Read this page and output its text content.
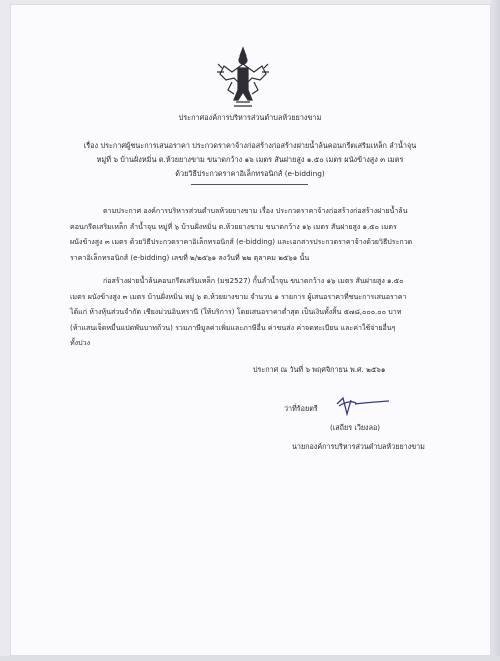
ประกาศองค์การบริหารส่วนตำบลห้วยยางขาม
เรื่อง ประกาศผู้ชนะการเสนอราคา ประกวดราคาจ้างก่อสร้างก่อสร้างฝายน้ำล้นคอนกรีตเสริมเหล็ก ลำน้ำจุน
หมู่ที่ ๖ บ้านฝั่งหมิ่น ต.ห้วยยางขาม ขนาดกว้าง ๑๖ เมตร สันฝายสูง ๑.๕๐ เมตร ผนังข้างสูง ๓ เมตร
ด้วยวิธีประกวดราคาอิเล็กทรอนิกส์ (e-bidding)
ตามประกาศ องค์การบริหารส่วนตำบลห้วยยางขาม เรื่อง ประกวดราคาจ้างก่อสร้างก่อสร้างฝายน้ำล้น
คอนกรีตเสริมเหล็ก ลำน้ำจุน หมู่ที่ ๖ บ้านฝั่งหมิ่น ต.ห้วยยางขาม ขนาดกว้าง ๑๖ เมตร สันฝายสูง ๑.๕๐ เมตร
ผนังข้างสูง ๓ เมตร ด้วยวิธีประกวดราคาอิเล็กทรอนิกส์ (e-bidding) และเอกสารประกวดราคาจ้างด้วยวิธีประกวด
ราคาอิเล็กทรอนิกส์ (e-bidding) เลขที่ ๒/๒๕๖๑ ลงวันที่ ๒๒ ตุลาคม ๒๕๖๑ นั้น
ก่อสร้างฝายน้ำล้นคอนกรีตเสริมเหล็ก (มข2527) กั้นลำน้ำจุน ขนาดกว้าง ๑๖ เมตร สันฝายสูง ๑.๕๐
เมตร ผนังข้างสูง ๓ เมตร บ้านฝั่งหมิ่น หมู่ ๖ ต.ห้วยยางขาม จำนวน ๑ รายการ ผู้เสนอราคาที่ชนะการเสนอราคา
ได้แก่ ห้างหุ้นส่วนจำกัด เชียงม่วนอินทรานี (ให้บริการ) โดยเสนอราคาต่ำสุด เป็นเงินทั้งสิ้น ๕๗๘,๐๐๐.๐๐ บาท
(ห้าแสนเจ็ดหมื่นแปดพันบาทถ้วน) รวมภาษีมูลค่าเพิ่มและภาษีอื่น ค่าขนส่ง ค่าจดทะเบียน และค่าใช้จ่ายอื่นๆ
ทั้งปวง
ประกาศ ณ วันที่ ๖ พฤศจิกายน พ.ศ. ๒๕๖๑
ว่าที่ร้อยตรี
(เสถียร เวียงลอ)
นายกองค์การบริหารส่วนตำบลห้วยยางขาม
